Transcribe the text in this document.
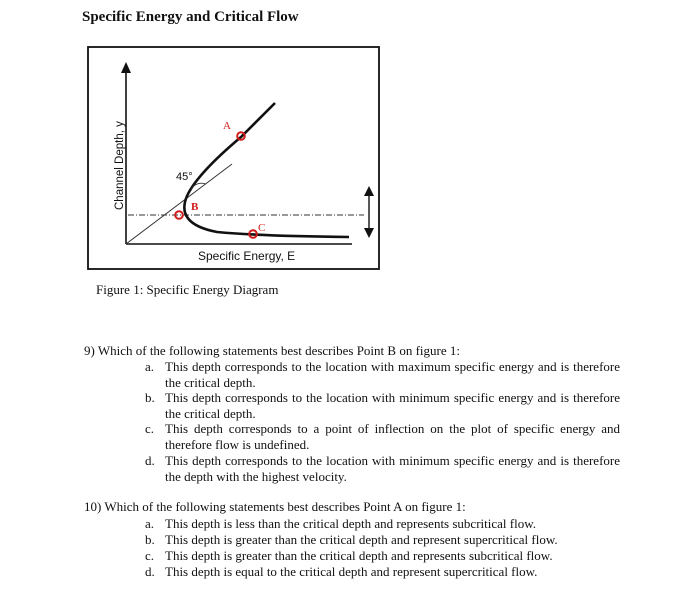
Specific Energy and Critical Flow
A
B
C
45°
Specific Energy, E
Channel Depth, y
Figure 1: Specific Energy Diagram
9) Which of the following statements best describes Point B on figure 1:
a. This depth corresponds to the location with maximum specific energy and is therefore the critical depth.
b. This depth corresponds to the location with minimum specific energy and is therefore the critical depth.
c. This depth corresponds to a point of inflection on the plot of specific energy and therefore flow is undefined.
d. This depth corresponds to the location with minimum specific energy and is therefore the depth with the highest velocity.
10) Which of the following statements best describes Point A on figure 1:
a. This depth is less than the critical depth and represents subcritical flow.
b. This depth is greater than the critical depth and represent supercritical flow.
c. This depth is greater than the critical depth and represents subcritical flow.
d. This depth is equal to the critical depth and represent supercritical flow.
